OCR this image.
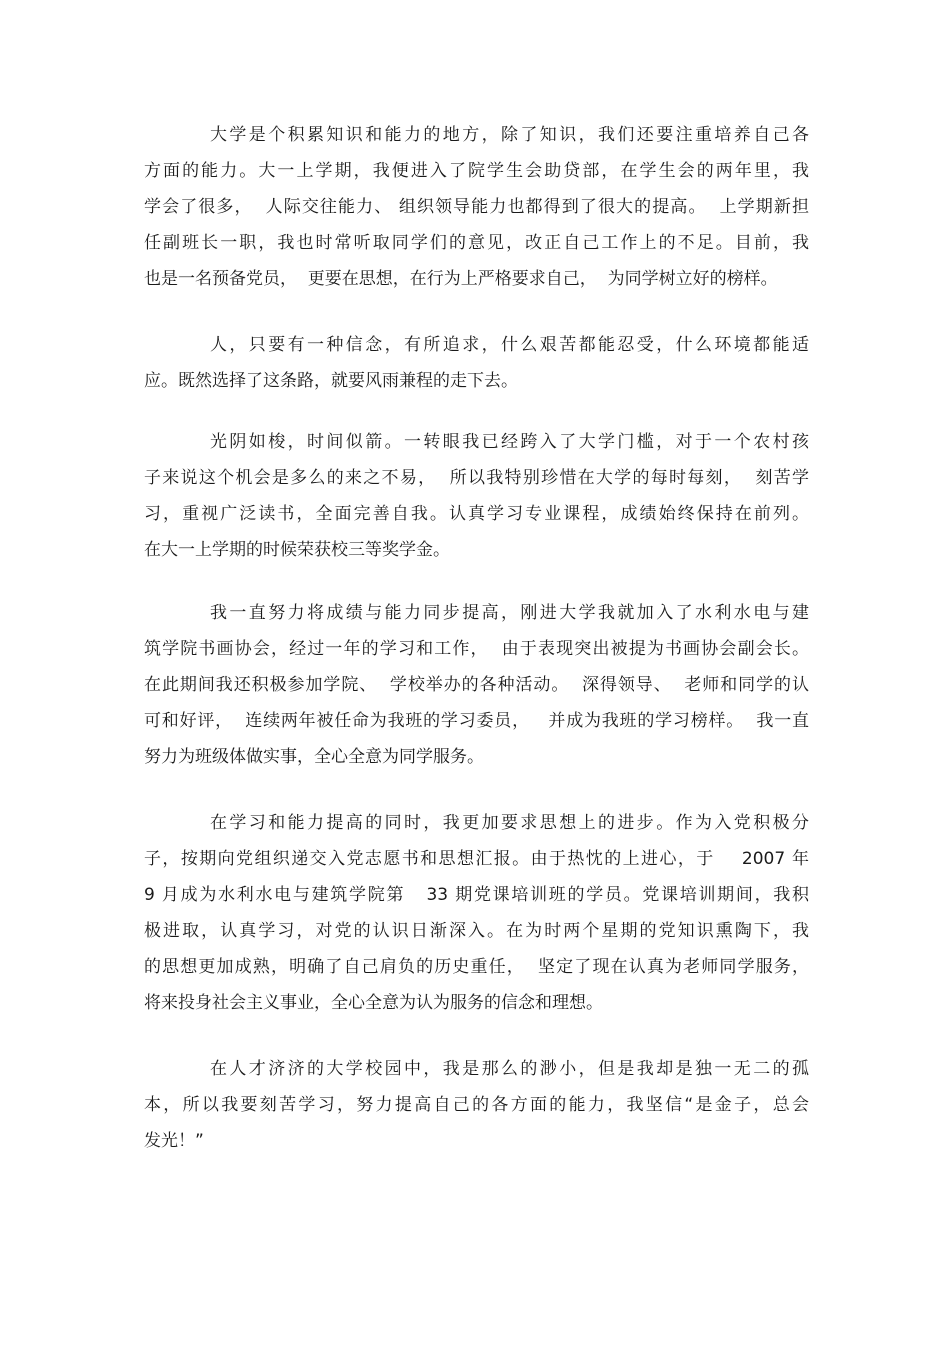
大学是个积累知识和能力的地方，除了知识，我们还要注重培养自己各
方面的能力。大一上学期，我便进入了院学生会助贷部，在学生会的两年里，我
学会了很多，  人际交往能力、 组织领导能力也都得到了很大的提高。  上学期新担
任副班长一职，我也时常听取同学们的意见，改正自己工作上的不足。目前，我
也是一名预备党员，  更要在思想，在行为上严格要求自己，  为同学树立好的榜样。
人，只要有一种信念，有所追求，什么艰苦都能忍受，什么环境都能适
应。既然选择了这条路，就要风雨兼程的走下去。
光阴如梭，时间似箭。一转眼我已经跨入了大学门槛，对于一个农村孩
子来说这个机会是多么的来之不易，  所以我特别珍惜在大学的每时每刻，  刻苦学
习，重视广泛读书，全面完善自我。认真学习专业课程，成绩始终保持在前列。
在大一上学期的时候荣获校三等奖学金。
我一直努力将成绩与能力同步提高，刚进大学我就加入了水利水电与建
筑学院书画协会，经过一年的学习和工作，  由于表现突出被提为书画协会副会长。
在此期间我还积极参加学院、  学校举办的各种活动。  深得领导、  老师和同学的认
可和好评，  连续两年被任命为我班的学习委员，   并成为我班的学习榜样。  我一直
努力为班级体做实事，全心全意为同学服务。
在学习和能力提高的同时，我更加要求思想上的进步。作为入党积极分
子，按期向党组织递交入党志愿书和思想汇报。由于热忱的上进心，于    2007 年
9 月成为水利水电与建筑学院第   33 期党课培训班的学员。党课培训期间，我积
极进取，认真学习，对党的认识日渐深入。在为时两个星期的党知识熏陶下，我
的思想更加成熟，明确了自己肩负的历史重任，  坚定了现在认真为老师同学服务，
将来投身社会主义事业，全心全意为认为服务的信念和理想。
在人才济济的大学校园中，我是那么的渺小，但是我却是独一无二的孤
本，所以我要刻苦学习，努力提高自己的各方面的能力，我坚信“是金子，总会
发光！”
